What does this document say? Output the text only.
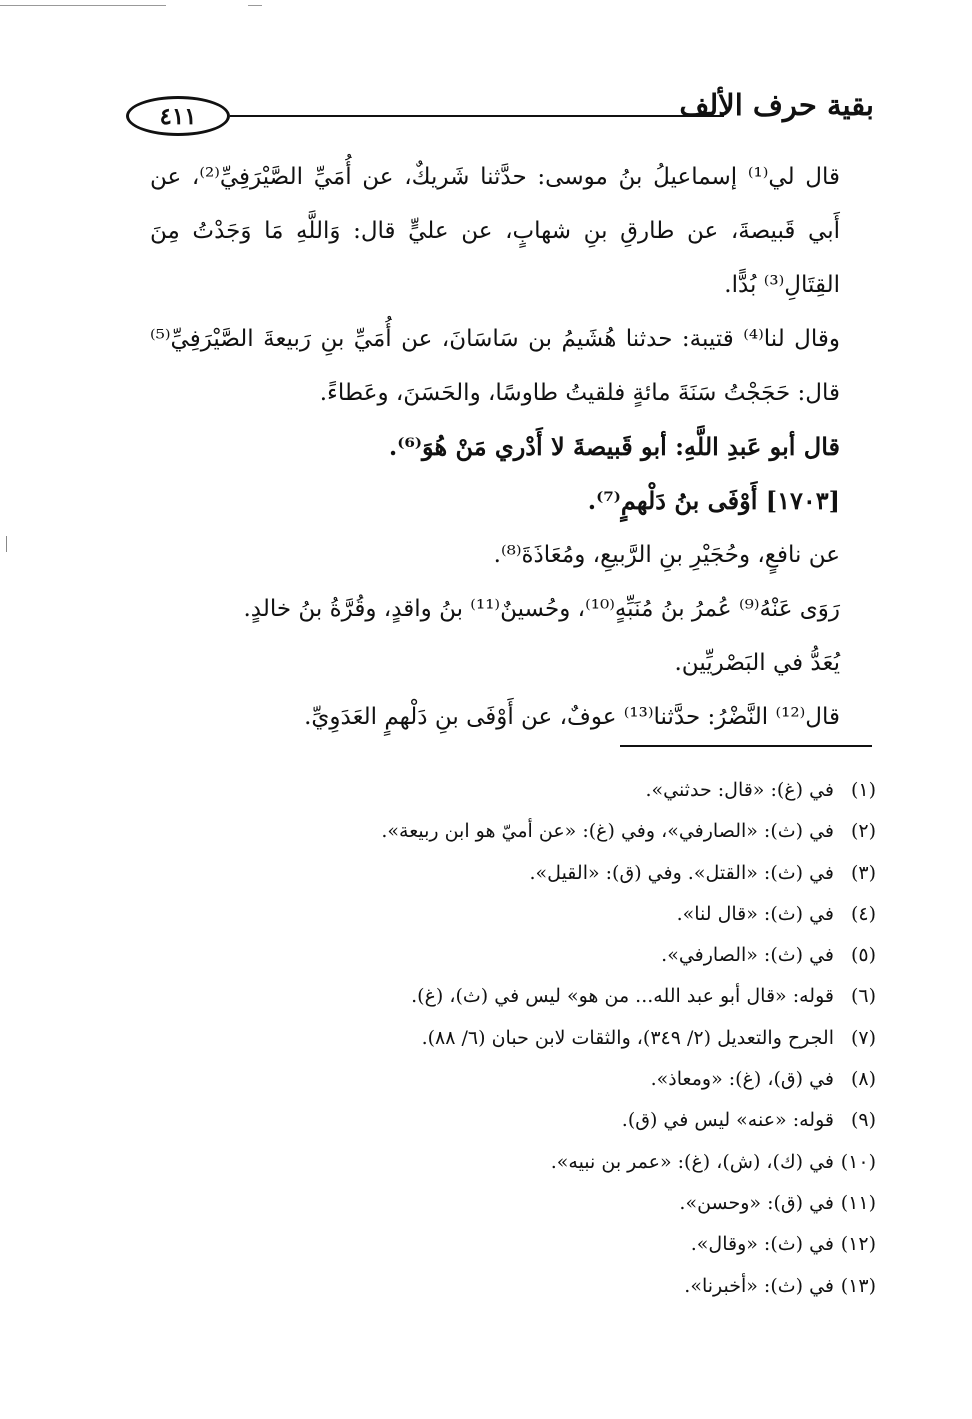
٤١١	بقية حرف الألف

قال لي⁽¹⁾ إسماعيلُ بنُ موسى: حدَّثنا شَريكٌ، عن أُمَيِّ الصَّيْرَفِيِّ⁽²⁾، عن أَبي قَبيصةَ، عن طارقِ بنِ شهابٍ، عن عليٍّ قال: وَاللَّهِ مَا وَجَدْتُ مِنَ القِتَالِ⁽³⁾ بُدًّا.

وقال لنا⁽⁴⁾ قتيبة: حدثنا هُشَيمُ بن سَاسَانَ، عن أُمَيِّ بنِ رَبيعةَ الصَّيْرَفِيِّ⁽⁵⁾ قال: حَجَجْتُ سَنَةَ مائةٍ فلقيتُ طاوسًا، والحَسَنَ، وعَطاءً.

قال أبو عَبدِ اللَّهِ: أبو قَبيصةَ لا أَدْري مَنْ هُوَ⁽⁶⁾.

[١٧٠٣] أَوْفَى بنُ دَلْهمٍ⁽⁷⁾.

عن نافعٍ، وحُجَيْرِ بنِ الرَّبيعِ، ومُعَاذَةَ⁽⁸⁾.

رَوَى عَنْهُ⁽⁹⁾ عُمرُ بنُ مُنَبِّهٍ⁽¹⁰⁾، وحُسينٌ⁽¹¹⁾ بنُ واقدٍ، وقُرَّةُ بنُ خالدٍ.

يُعَدُّ في البَصْريِّين.

قال⁽¹²⁾ النَّضْرُ: حدَّثنا⁽¹³⁾ عوفٌ، عن أَوْفَى بنِ دَلْهمٍ العَدَوِيِّ.

(١)في (غ): «قال: حدثني».
(٢)في (ث): «الصارفي»، وفي (غ): «عن أميّ هو ابن ربيعة».
(٣)في (ث): «القتل». وفي (ق): «القيل».
(٤)في (ث): «قال لنا».
(٥)في (ث): «الصارفي».
(٦)قوله: «قال أبو عبد الله... من هو» ليس في (ث)، (غ).
(٧)الجرح والتعديل (٢/ ٣٤٩)، والثقات لابن حبان (٦/ ٨٨).
(٨)في (ق)، (غ): «ومعاذ».
(٩)قوله: «عنه» ليس في (ق).
(١٠)في (ك)، (ش)، (غ): «عمر بن نبيه».
(١١)في (ق): «وحسن».
(١٢)في (ث): «وقال».
(١٣)في (ث): «أخبرنا».
